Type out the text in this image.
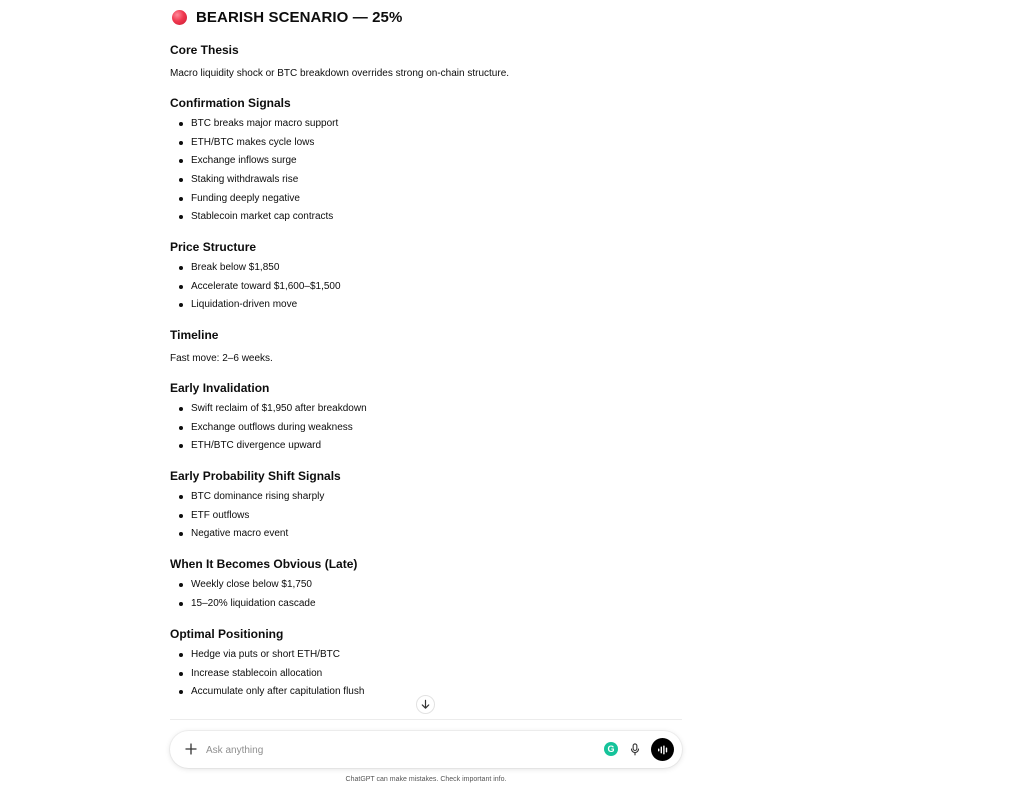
BEARISH SCENARIO — 25%
Core Thesis
Macro liquidity shock or BTC breakdown overrides strong on-chain structure.
Confirmation Signals
BTC breaks major macro support
ETH/BTC makes cycle lows
Exchange inflows surge
Staking withdrawals rise
Funding deeply negative
Stablecoin market cap contracts
Price Structure
Break below $1,850
Accelerate toward $1,600–$1,500
Liquidation-driven move
Timeline
Fast move: 2–6 weeks.
Early Invalidation
Swift reclaim of $1,950 after breakdown
Exchange outflows during weakness
ETH/BTC divergence upward
Early Probability Shift Signals
BTC dominance rising sharply
ETF outflows
Negative macro event
When It Becomes Obvious (Late)
Weekly close below $1,750
15–20% liquidation cascade
Optimal Positioning
Hedge via puts or short ETH/BTC
Increase stablecoin allocation
Accumulate only after capitulation flush
Ask anything
G
ChatGPT can make mistakes. Check important info.
